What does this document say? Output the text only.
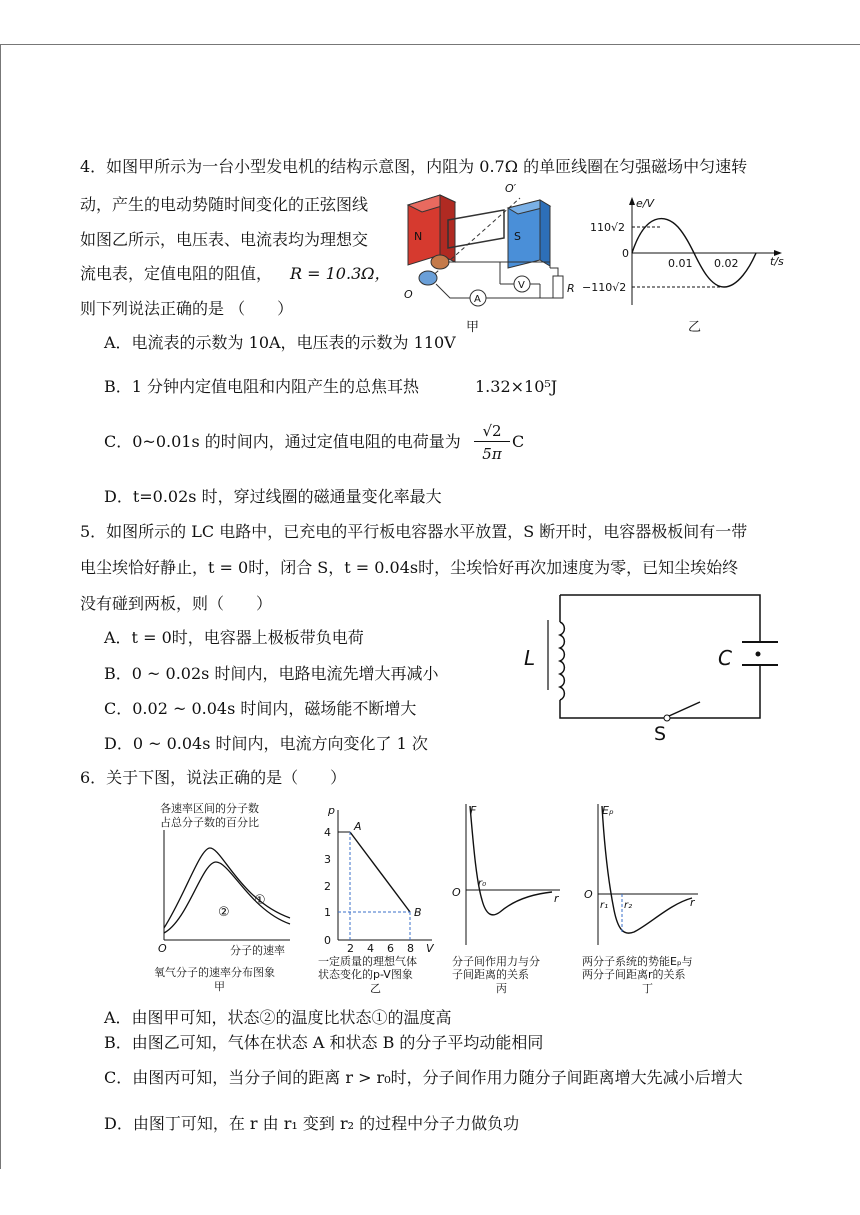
4．如图甲所示为一台小型发电机的结构示意图，内阻为 0.7Ω 的单匝线圈在匀强磁场中匀速转
动，产生的电动势随时间变化的正弦图线
如图乙所示，电压表、电流表均为理想交
流电表，定值电阻的阻值， R = 10.3Ω，
则下列说法正确的是 （　　）
N	S
O′
O	R
A
V
甲
e/V
t/s
110√2
−110√2
0
0.01 0.02
乙
A．电流表的示数为 10A，电压表的示数为 110V
B．1 分钟内定值电阻和内阻产生的总焦耳热	1.32×10⁵J
C．0~0.01s 的时间内，通过定值电阻的电荷量为
√2
5π
C
D．t=0.02s 时，穿过线圈的磁通量变化率最大
5．如图所示的 LC 电路中，已充电的平行板电容器水平放置，S 断开时，电容器极板间有一带
电尘埃恰好静止，t = 0时，闭合 S，t = 0.04s时，尘埃恰好再次加速度为零，已知尘埃始终
没有碰到两板，则（　　）
A．t = 0时，电容器上极板带负电荷
B．0 ~ 0.02s 时间内，电路电流先增大再减小
C．0.02 ~ 0.04s 时间内，磁场能不断增大
D．0 ~ 0.04s 时间内，电流方向变化了 1 次
L	C
S
6．关于下图，说法正确的是（　　）
各速率区间的分子数
占总分子数的百分比
分子的速率
O
①
②
氧气分子的速率分布图象
甲
p
V
A
B
4
3
2
1
0
2 4 6 8
一定质量的理想气体
状态变化的p-V图象
乙
F
r
O
r₀
分子间作用力与分
子间距离的关系
丙
Eₚ
r
O
r₁ r₂
两分子系统的势能Eₚ与
两分子间距离r的关系
丁
A．由图甲可知，状态②的温度比状态①的温度高
B．由图乙可知，气体在状态 A 和状态 B 的分子平均动能相同
C．由图丙可知，当分子间的距离 r > r₀时，分子间作用力随分子间距离增大先减小后增大
D．由图丁可知，在 r 由 r₁ 变到 r₂ 的过程中分子力做负功
